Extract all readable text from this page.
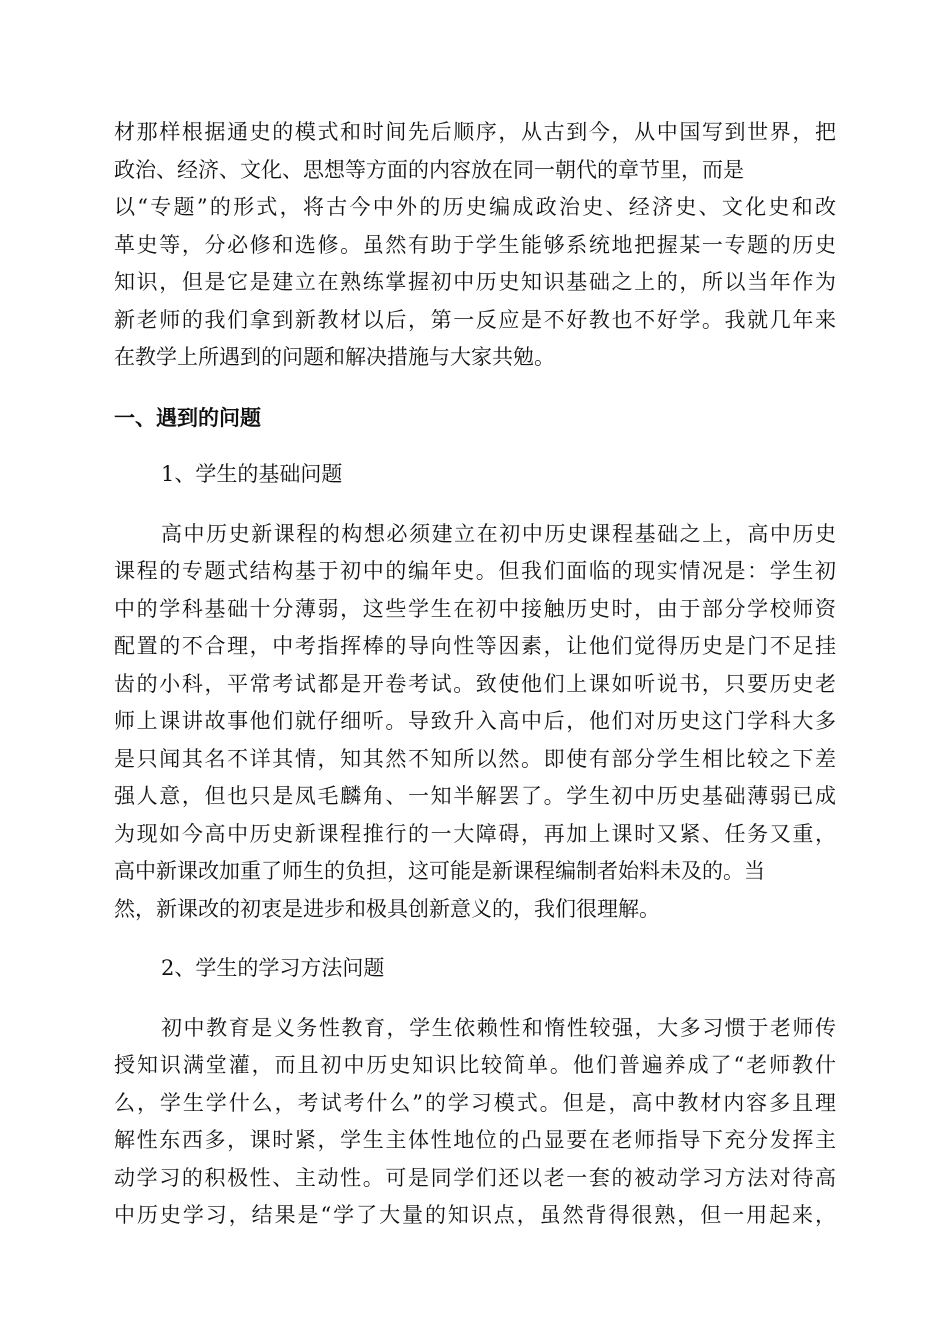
材那样根据通史的模式和时间先后顺序，从古到今，从中国写到世界，把
政治、经济、文化、思想等方面的内容放在同一朝代的章节里，而是
以“专题”的形式，将古今中外的历史编成政治史、经济史、文化史和改
革史等，分必修和选修。虽然有助于学生能够系统地把握某一专题的历史
知识，但是它是建立在熟练掌握初中历史知识基础之上的，所以当年作为
新老师的我们拿到新教材以后，第一反应是不好教也不好学。我就几年来
在教学上所遇到的问题和解决措施与大家共勉。
一、遇到的问题
1、学生的基础问题
高中历史新课程的构想必须建立在初中历史课程基础之上，高中历史
课程的专题式结构基于初中的编年史。但我们面临的现实情况是：学生初
中的学科基础十分薄弱，这些学生在初中接触历史时，由于部分学校师资
配置的不合理，中考指挥棒的导向性等因素，让他们觉得历史是门不足挂
齿的小科，平常考试都是开卷考试。致使他们上课如听说书，只要历史老
师上课讲故事他们就仔细听。导致升入高中后，他们对历史这门学科大多
是只闻其名不详其情，知其然不知所以然。即使有部分学生相比较之下差
强人意，但也只是凤毛麟角、一知半解罢了。学生初中历史基础薄弱已成
为现如今高中历史新课程推行的一大障碍，再加上课时又紧、任务又重，
高中新课改加重了师生的负担，这可能是新课程编制者始料未及的。当
然，新课改的初衷是进步和极具创新意义的，我们很理解。
2、学生的学习方法问题
初中教育是义务性教育，学生依赖性和惰性较强，大多习惯于老师传
授知识满堂灌，而且初中历史知识比较简单。他们普遍养成了“老师教什
么，学生学什么，考试考什么”的学习模式。但是，高中教材内容多且理
解性东西多，课时紧，学生主体性地位的凸显要在老师指导下充分发挥主
动学习的积极性、主动性。可是同学们还以老一套的被动学习方法对待高
中历史学习，结果是“学了大量的知识点，虽然背得很熟，但一用起来，
